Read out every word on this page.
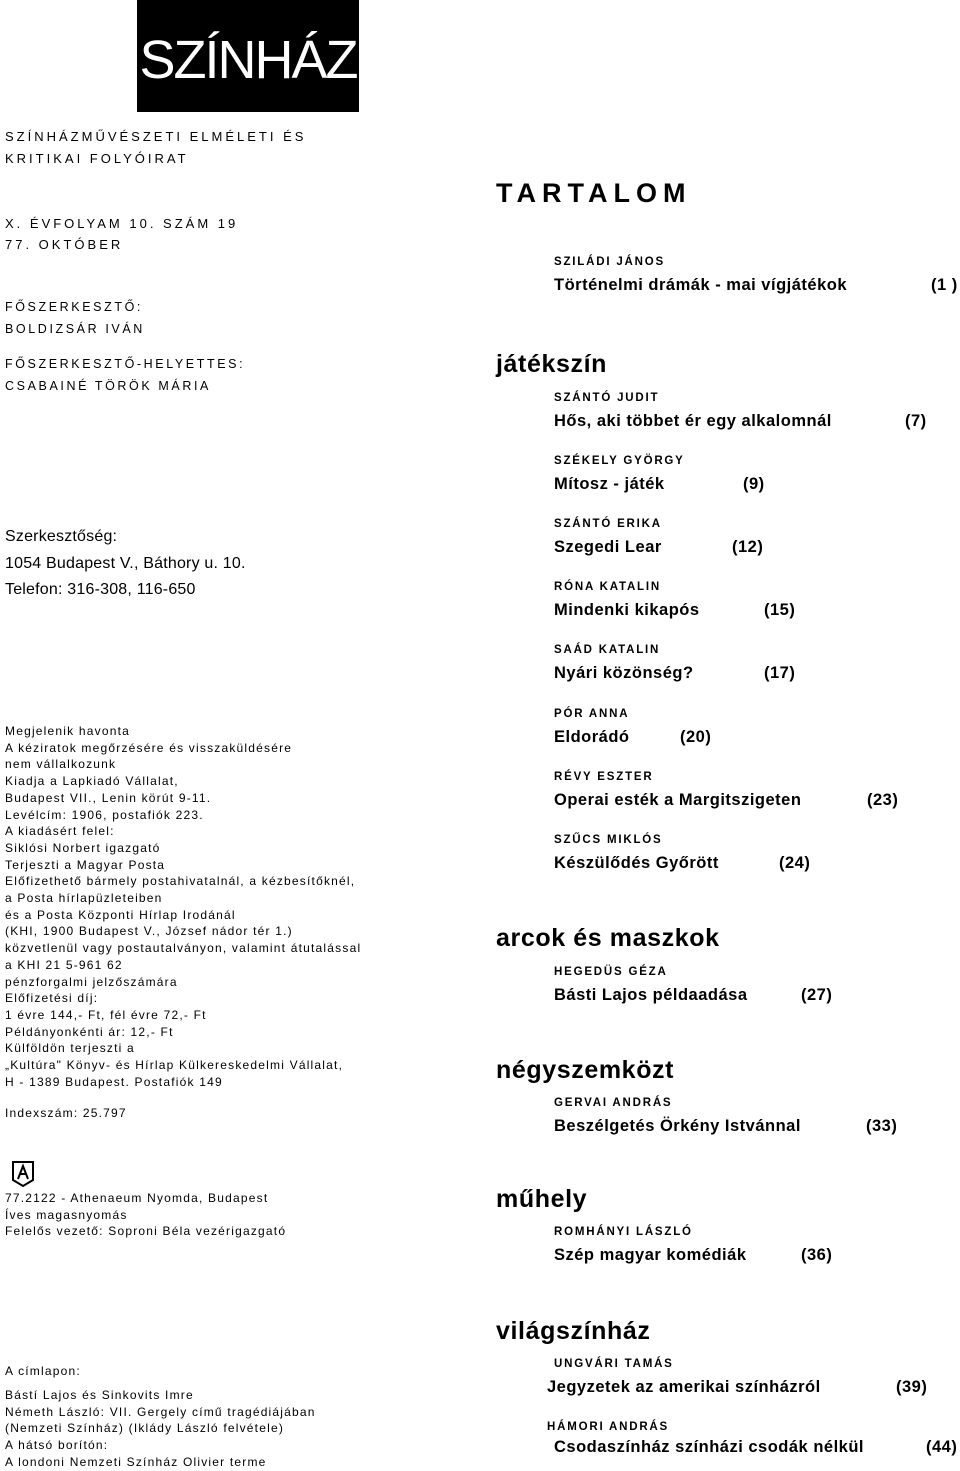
SZÍNHÁZ
SZÍNHÁZMŰVÉSZETI ELMÉLETI ÉS
KRITIKAI FOLYÓIRAT
X. ÉVFOLYAM 10. SZÁM 19
77. OKTÓBER
FŐSZERKESZTŐ:
BOLDIZSÁR IVÁN
FŐSZERKESZTŐ-HELYETTES:
CSABAINÉ TÖRÖK MÁRIA
Szerkesztőség:
1054 Budapest V., Báthory u. 10.
Telefon: 316-308, 116-650
Megjelenik havonta
A kéziratok megőrzésére és visszaküldésére
nem vállalkozunk
Kiadja a Lapkiadó Vállalat,
Budapest VII., Lenin körút 9-11.
Levélcím: 1906, postafiók 223.
A kiadásért felel:
Siklósi Norbert igazgató
Terjeszti a Magyar Posta
Előfizethető bármely postahivatalnál, a kézbesítőknél,
a Posta hírlapüzleteiben
és a Posta Központi Hírlap Irodánál
(KHI, 1900 Budapest V., József nádor tér 1.)
közvetlenül vagy postautalványon, valamint átutalással
a KHI 21 5-961 62
pénzforgalmi jelzőszámára
Előfizetési díj:
1 évre 144,- Ft, fél évre 72,- Ft
Példányonkénti ár: 12,- Ft
Külföldön terjeszti a
„Kultúra" Könyv- és Hírlap Külkereskedelmi Vállalat,
H - 1389 Budapest. Postafiók 149
Indexszám: 25.797
77.2122 - Athenaeum Nyomda, Budapest
Íves magasnyomás
Felelős vezető: Soproni Béla vezérigazgató
A címlapon:
Bástí Lajos és Sinkovits Imre
Németh László: VII. Gergely című tragédiájában
(Nemzeti Színház) (Iklády László felvétele)
A hátsó borítón:
A londoni Nemzeti Színház Olivier terme
TARTALOM
SZILÁDI JÁNOS
Történelmi drámák - mai vígjátékok	(1 )
játékszín
SZÁNTÓ JUDIT
Hős, aki többet ér egy alkalomnál	(7)
SZÉKELY GYÖRGY
Mítosz - játék	(9)
SZÁNTÓ ERIKA
Szegedi Lear	(12)
RÓNA KATALIN
Mindenki kikapós	(15)
SAÁD KATALIN
Nyári közönség?	(17)
PÓR ANNA
Eldorádó	(20)
RÉVY ESZTER
Operai esték a Margitszigeten	(23)
SZŰCS MIKLÓS
Készülődés Győrött	(24)
arcok és maszkok
HEGEDÜS GÉZA
Básti Lajos példaadása	(27)
négyszemközt
GERVAI ANDRÁS
Beszélgetés Örkény Istvánnal	(33)
műhely
ROMHÁNYI LÁSZLÓ
Szép magyar komédiák	(36)
világszínház
UNGVÁRI TAMÁS
Jegyzetek az amerikai színházról	(39)
HÁMORI ANDRÁS
Csodaszínház színházi csodák nélkül	(44)
